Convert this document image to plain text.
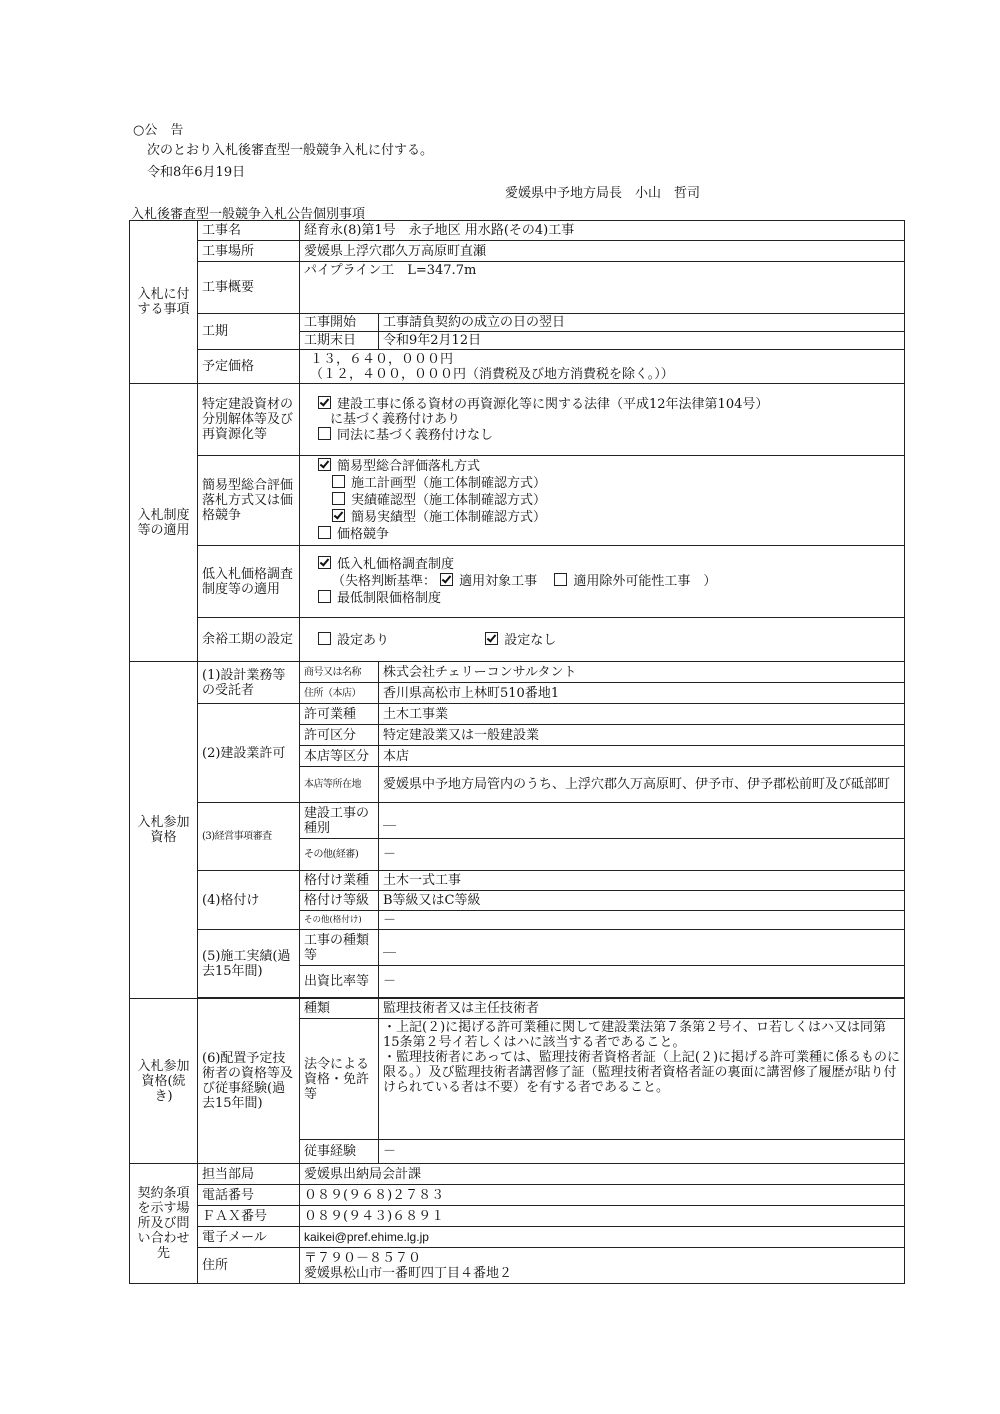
○公　告
次のとおり入札後審査型一般競争入札に付する。
令和8年6月19日
愛媛県中予地方局長　小山　哲司
入札後審査型一般競争入札公告個別事項
入札に付する事項	工事名	経育永(8)第1号　永子地区 用水路(その4)工事	
	工事場所	愛媛県上浮穴郡久万高原町直瀬	
	工事概要	パイプライン工　L=347.7m	
	工期	工事開始	工事請負契約の成立の日の翌日
		工期末日	令和9年2月12日
	予定価格	１３，６４０，０００円
（１２，４００，０００円（消費税及び地方消費税を除く。））	

入札制度等の適用	特定建設資材の分別解体等及び再資源化等	建設工事に係る資材の再資源化等に関する法律（平成12年法律第104号）
に基づく義務付けあり
同法に基づく義務付けなし	

	簡易型総合評価落札方式又は価格競争	簡易型総合評価落札方式
施工計画型（施工体制確認方式）
実績確認型（施工体制確認方式）
簡易実績型（施工体制確認方式）
価格競争	

	低入札価格調査制度等の適用	低入札価格調査制度
（失格判断基準： 適用対象工事　 適用除外可能性工事　）
最低制限価格制度	

	余裕工期の設定	設定あり 設定なし	
入札参加資格	(1)設計業務等の受託者	商号又は名称	株式会社チェリーコンサルタント
		住所（本店）	香川県高松市上林町510番地1
	(2)建設業許可	許可業種	土木工事業
		許可区分	特定建設業又は一般建設業
		本店等区分	本店
		本店等所在地	愛媛県中予地方局管内のうち、上浮穴郡久万高原町、伊予市、伊予郡松前町及び砥部町
	(3)経営事項審査	建設工事の種別	＿
		その他(経審)	－
	(4)格付け	格付け業種	土木一式工事
		格付け等級	B等級又はC等級
		その他(格付け)	－
	(5)施工実績(過去15年間)	工事の種類等	＿
		出資比率等	－

入札参加資格(続き)	(6)配置予定技術者の資格等及び従事経験(過去15年間)	種類	監理技術者又は主任技術者
		法令による資格・免許等	・上記(２)に掲げる許可業種に関して建設業法第７条第２号イ、ロ若しくはハ又は同第15条第２号イ若しくはハに該当する者であること。
・監理技術者にあっては、監理技術者資格者証（上記(２)に掲げる許可業種に係るものに限る。）及び監理技術者講習修了証（監理技術者資格者証の裏面に講習修了履歴が貼り付けられている者は不要）を有する者であること。

		従事経験	－
契約条項を示す場所及び問い合わせ先	担当部局	愛媛県出納局会計課	
	電話番号	０８９(９６８)２７８３	
	ＦＡＸ番号	０８９(９４３)６８９１	
	電子メール	kaikei@pref.ehime.lg.jp	
	住所	〒７９０－８５７０
愛媛県松山市一番町四丁目４番地２	
